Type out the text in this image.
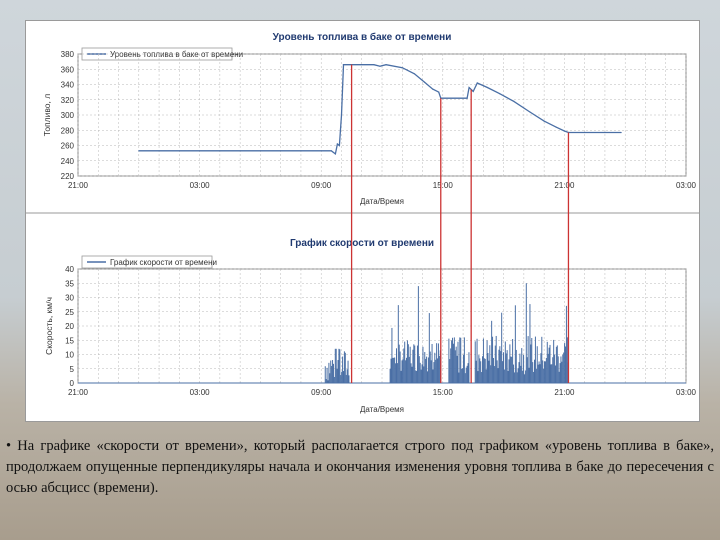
Уровень топлива в баке от времени
Уровень топлива в баке от времени
Топливо, л
Дата/Время
220
240
260
280
300
320
340
360
380
21:00	03:00	09:00	15:00	21:00	03:00
График скорости от времени
График скорости от времени
Скорость, км/ч
Дата/Время
0
5
10
15
20
25
30
35
40
21:00	03:00	09:00	15:00	21:00	03:00
• На графике «скорости от времени», который располагается строго под графиком «уровень топлива в баке», продолжаем опущенные перпендикуляры начала и окончания изменения уровня топлива в баке до пересечения с осью абсцисс (времени).
